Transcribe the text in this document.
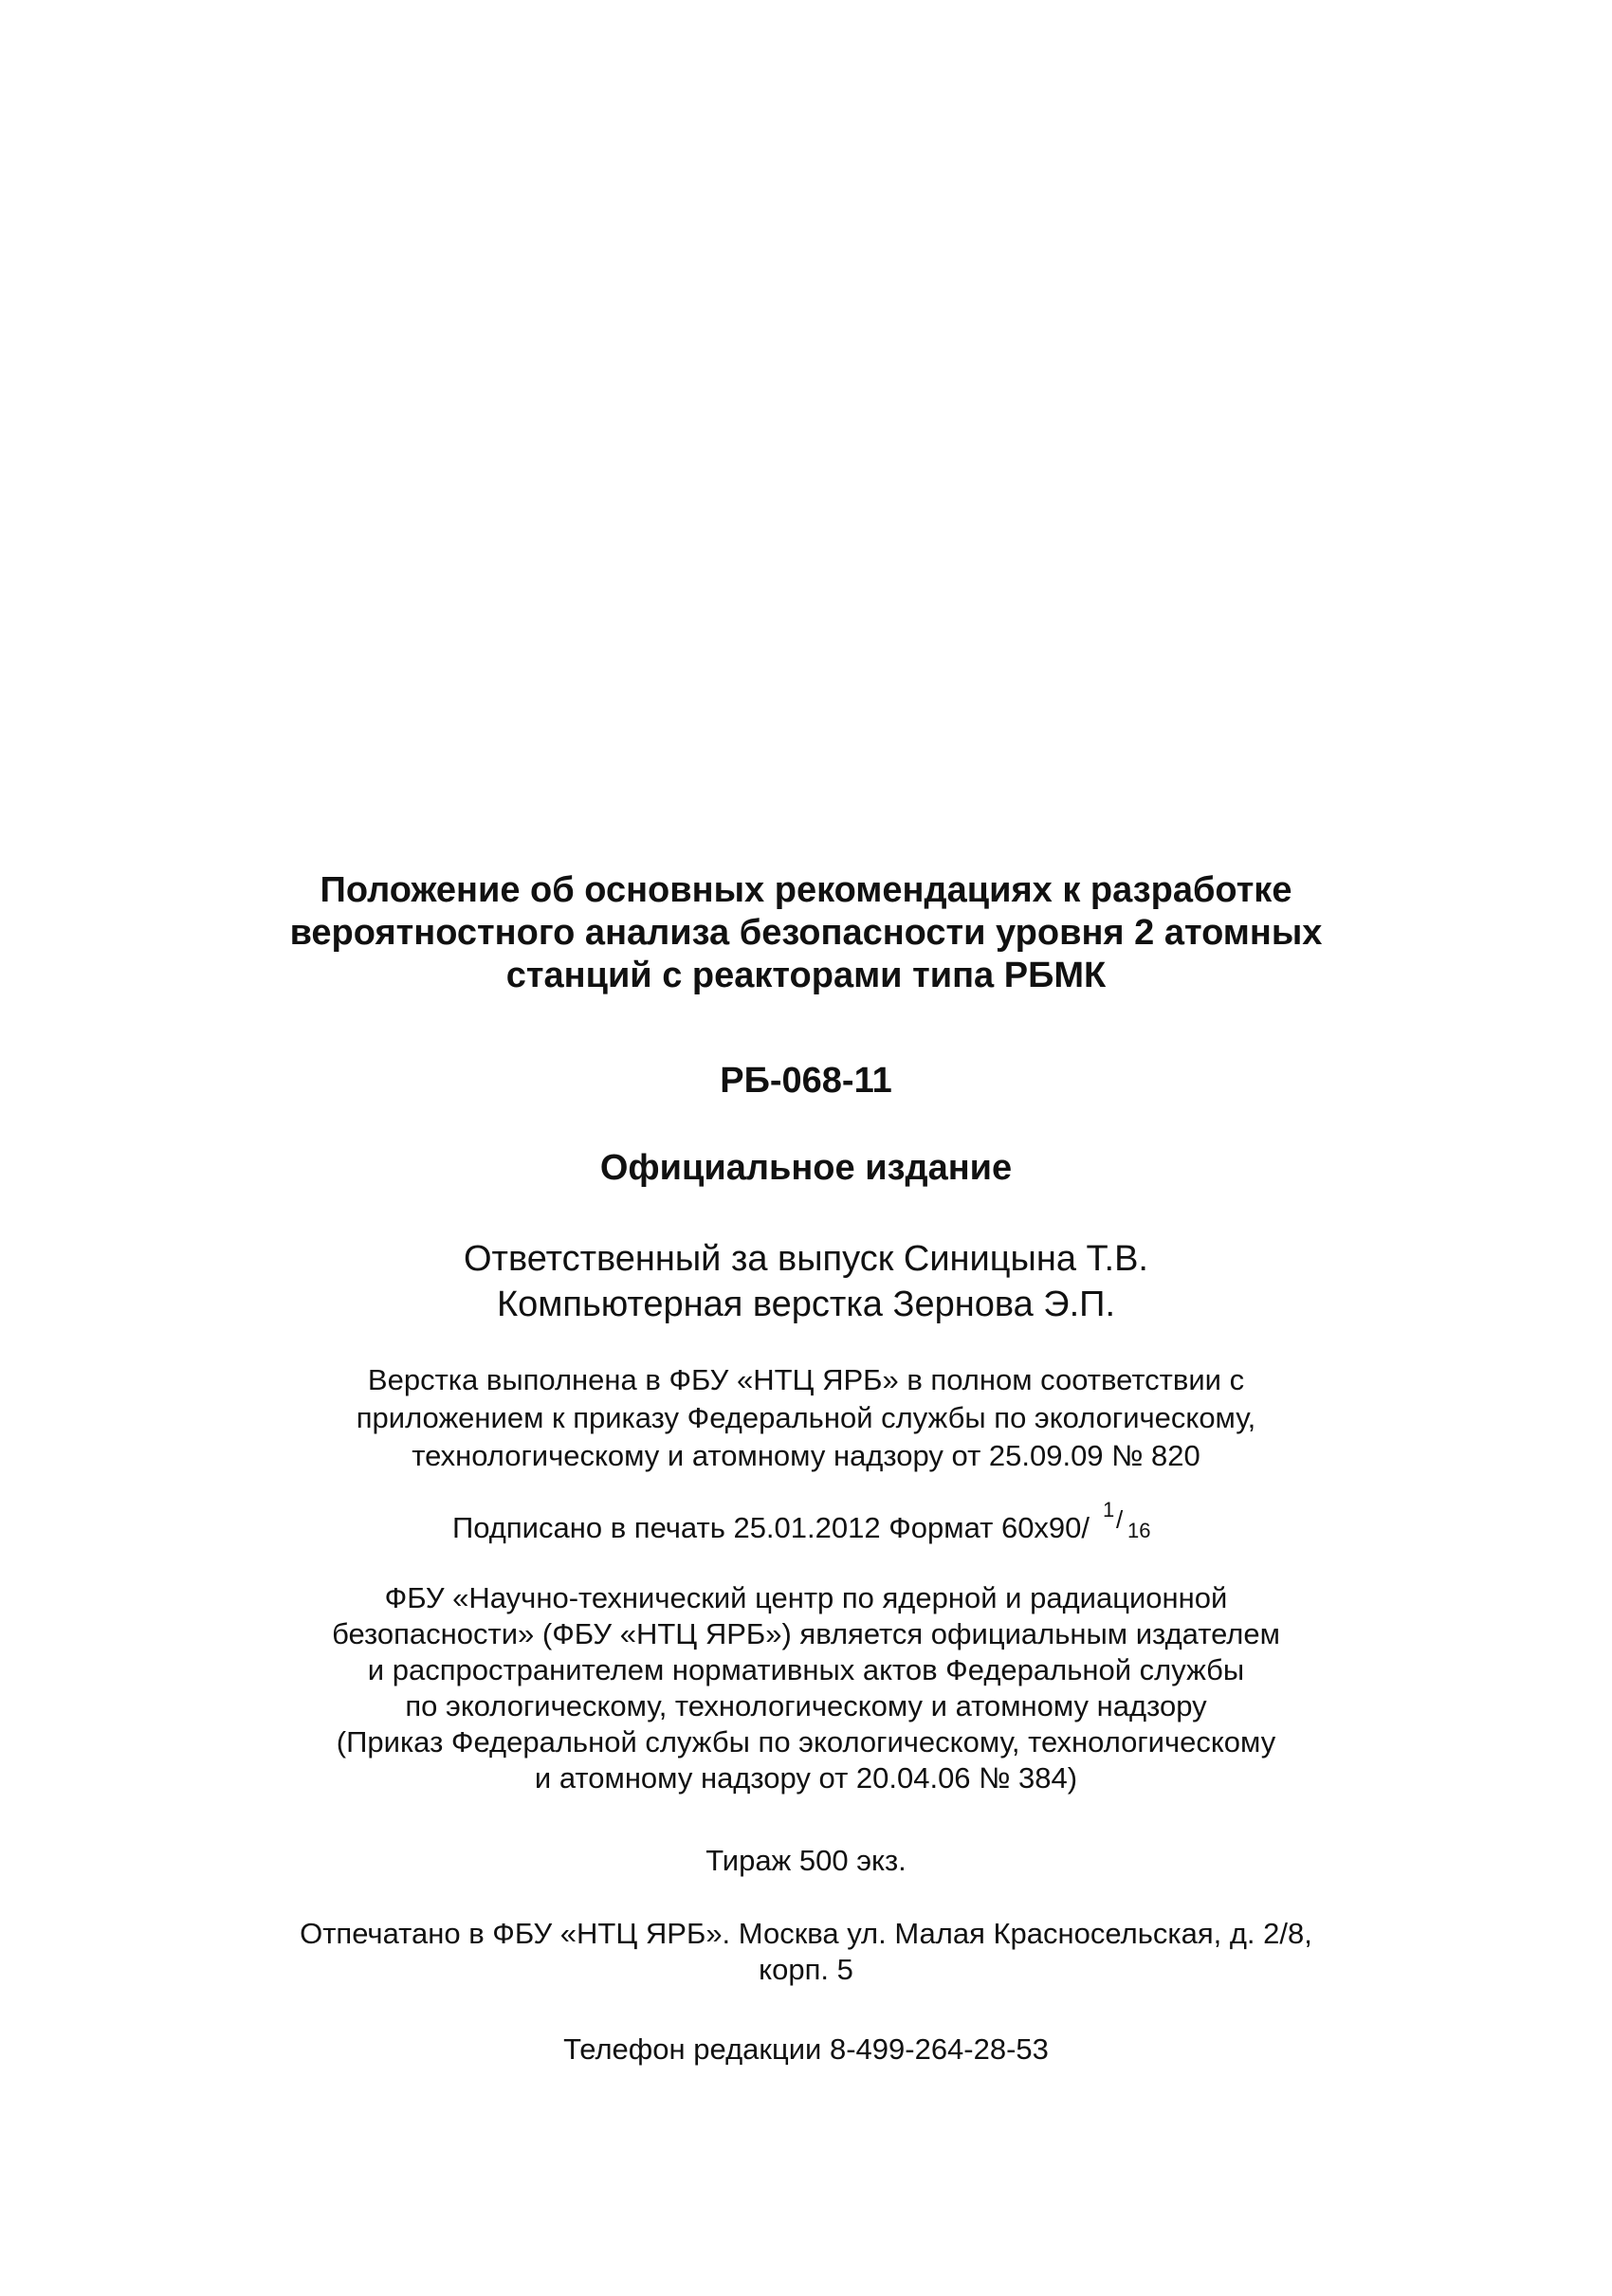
Положение об основных рекомендациях к разработке
вероятностного анализа безопасности уровня 2 атомных
станций с реакторами типа РБМК
РБ-068-11
Официальное издание
Ответственный за выпуск Синицына Т.В.
Компьютерная верстка Зернова Э.П.
Верстка выполнена в ФБУ «НТЦ ЯРБ» в полном соответствии с
приложением к приказу Федеральной службы по экологическому,
технологическому и атомному надзору от 25.09.09 № 820
Подписано в печать 25.01.2012 Формат 60x90/
1 / 16
ФБУ «Научно-технический центр по ядерной и радиационной
безопасности» (ФБУ «НТЦ ЯРБ») является официальным издателем
и распространителем нормативных актов Федеральной службы
по экологическому, технологическому и атомному надзору
(Приказ Федеральной службы по экологическому, технологическому
и атомному надзору от 20.04.06 № 384)
Тираж 500 экз.
Отпечатано в ФБУ «НТЦ ЯРБ». Москва ул. Малая Красносельская, д. 2/8,
корп. 5
Телефон редакции 8-499-264-28-53
